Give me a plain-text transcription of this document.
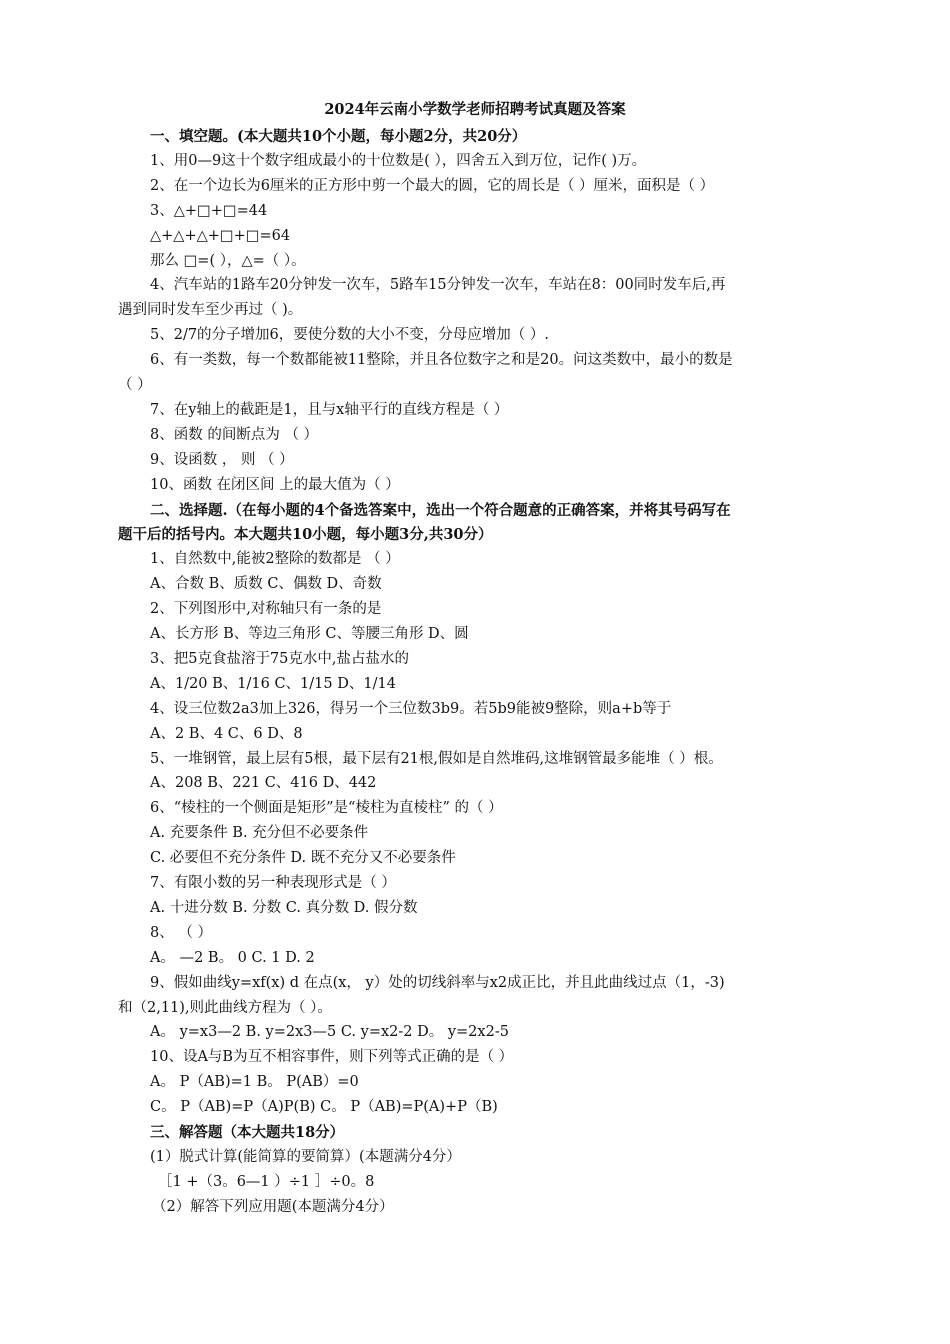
2024年云南小学数学老师招聘考试真题及答案
一、填空题。(本大题共10个小题，每小题2分，共20分）
1、用0—9这十个数字组成最小的十位数是( ），四舍五入到万位，记作( )万。
2、在一个边长为6厘米的正方形中剪一个最大的圆，它的周长是（ ）厘米，面积是（ ）
3、△+□+□=44
△+△+△+□+□=64
那么 □=( ），△=（ ）。
4、汽车站的1路车20分钟发一次车，5路车15分钟发一次车，车站在8：00同时发车后,再
遇到同时发车至少再过（ )。
5、2/7的分子增加6，要使分数的大小不变，分母应增加（ ）.
6、有一类数，每一个数都能被11整除，并且各位数字之和是20。问这类数中，最小的数是
（ ）
7、在y轴上的截距是1，且与x轴平行的直线方程是（ ）
8、函数 的间断点为 （ ）
9、设函数 ， 则 （ ）
10、函数 在闭区间 上的最大值为（ ）
二、选择题.（在每小题的4个备选答案中，选出一个符合题意的正确答案，并将其号码写在
题干后的括号内。本大题共10小题，每小题3分,共30分）
1、自然数中,能被2整除的数都是 （ ）
A、合数 B、质数 C、偶数 D、奇数
2、下列图形中,对称轴只有一条的是
A、长方形 B、等边三角形 C、等腰三角形 D、圆
3、把5克食盐溶于75克水中,盐占盐水的
A、1/20 B、1/16 C、1/15 D、1/14
4、设三位数2a3加上326，得另一个三位数3b9。若5b9能被9整除，则a+b等于
A、2 B、4 C、6 D、8
5、一堆钢管，最上层有5根，最下层有21根,假如是自然堆码,这堆钢管最多能堆（ ）根。
A、208 B、221 C、416 D、442
6、“棱柱的一个侧面是矩形”是“棱柱为直棱柱” 的（ ）
A. 充要条件 B. 充分但不必要条件
C. 必要但不充分条件 D. 既不充分又不必要条件
7、有限小数的另一种表现形式是（ ）
A. 十进分数 B. 分数 C. 真分数 D. 假分数
8、 （ ）
A。 —2 B。 0 C. 1 D. 2
9、假如曲线y=xf(x) d 在点(x， y）处的切线斜率与x2成正比，并且此曲线过点（1，-3)
和（2,11),则此曲线方程为（ ）。
A。 y=x3—2 B. y=2x3—5 C. y=x2-2 D。 y=2x2-5
10、设A与B为互不相容事件，则下列等式正确的是（ ）
A。 P（AB)=1 B。 P(AB）=0
C。 P（AB)=P（A)P(B) C。 P（AB)=P(A)+P（B)
三、解答题（本大题共18分）
(1）脱式计算(能简算的要简算）(本题满分4分）
［1 +（3。6—1 ）÷1 ］÷0。8
（2）解答下列应用题(本题满分4分）
